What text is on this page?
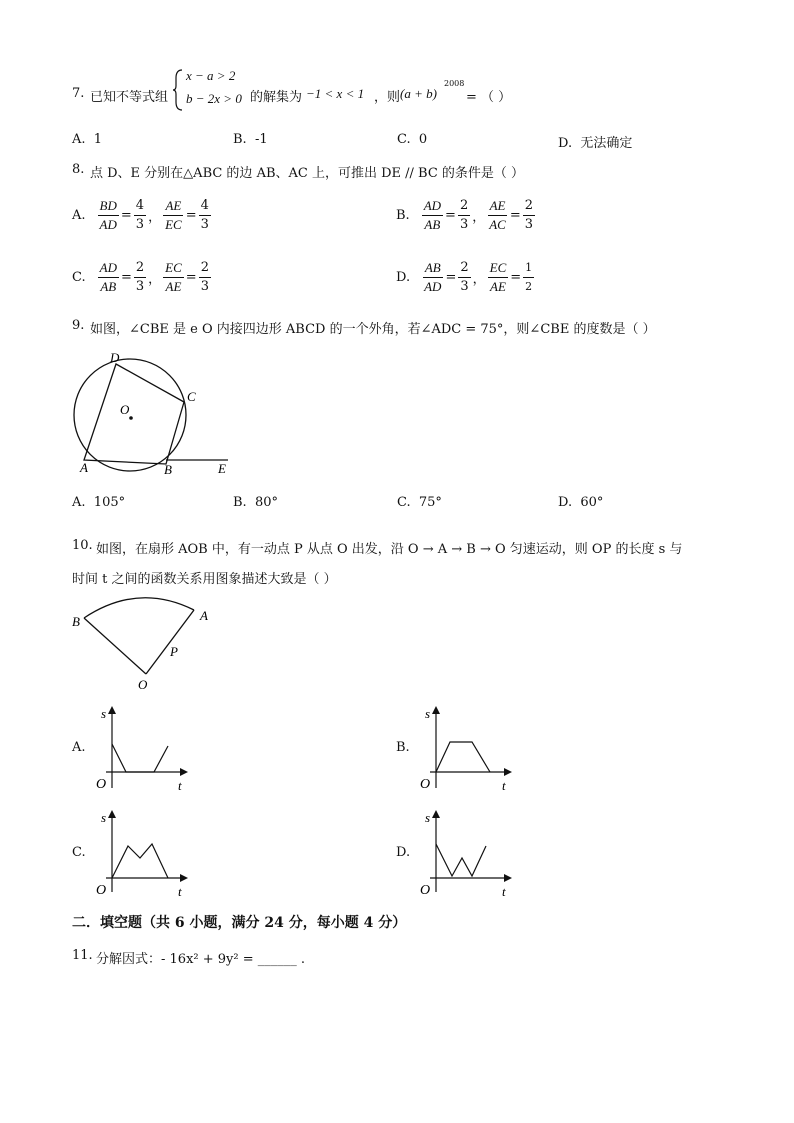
7. 已知不等式组
x − a > 2
b − 2x > 0 的解集为 −1 < x < 1 ，则 (a + b)
2008
= （ ）
A. 1	B. -1	C. 0	D. 无法确定
8. 点 D、E 分别在△ABC 的边 AB、AC 上，可推出 DE // BC 的条件是（ ）
A. $\frac{BD}{AD} = \frac{4}{3}$ ， $\frac{AE}{EC} = \frac{4}{3}$	B. $\frac{AD}{AB} = \frac{2}{3}$ ， $\frac{AE}{AC} = \frac{2}{3}$
C. $\frac{AD}{AB} = \frac{2}{3}$ ， $\frac{EC}{AE} = \frac{2}{3}$	D. $\frac{AB}{AD} = \frac{2}{3}$ ， $\frac{EC}{AE} = \frac{1}{2}$
9. 如图，∠CBE 是 e O 内接四边形 ABCD 的一个外角，若∠ADC = 75°，则∠CBE 的度数是（ ）
D
C
O
A	B	E
A. 105°	B. 80°	C. 75°	D. 60°
10. 如图，在扇形 AOB 中，有一动点 P 从点 O 出发，沿 O → A → B → O 匀速运动，则 OP 的长度 s 与
时间 t 之间的函数关系用图象描述大致是（ ）
B	A
P
O
A.
s
t
O
B.
s
t
O
C.
s
t
O
D.
s
t
O
二．填空题（共 6 小题，满分 24 分，每小题 4 分）
11. 分解因式：- 16x² + 9y² = ______ .
